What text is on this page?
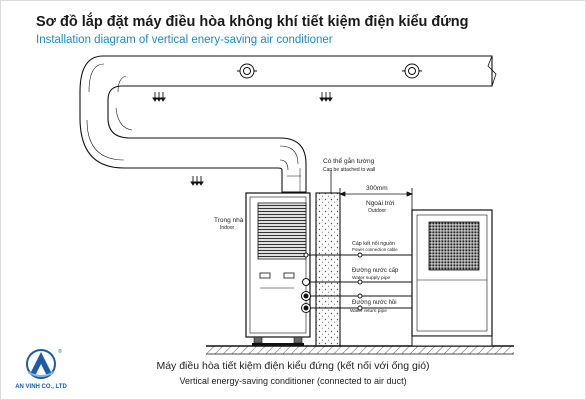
Sơ đồ lắp đặt máy điều hòa không khí tiết kiệm điện kiểu đứng
Installation diagram of vertical enery-saving air conditioner
Có thể gắn tường
Can be attached to wall
300mm
Ngoài trời
Outdoor
Trong nhà
Indoor
Cáp kết nối nguồn
Power connection cable
Đường nước cấp
Water supply pipe
Đường nước hồi
Water return pipe
Máy điều hòa tiết kiệm điện kiểu đứng (kết nối với ống gió)
Vertical energy-saving conditioner (connected to air duct)
®
AN VINH CO., LTD
